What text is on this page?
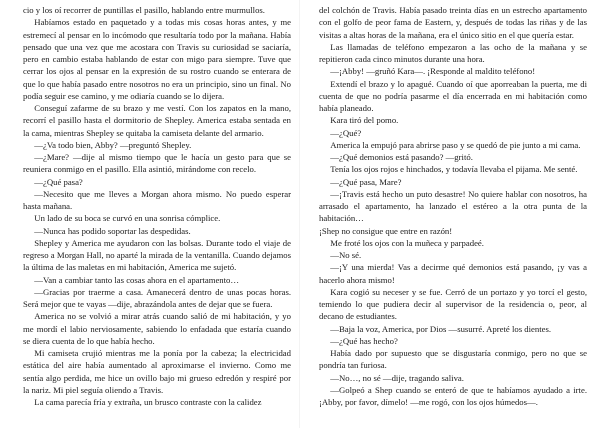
cio y los oí recorrer de puntillas el pasillo, hablando entre murmullos.

Habíamos estado en paquetado y a todas mis cosas horas antes, y me estremecí al pensar en lo incómodo que resultaría todo por la mañana. Había pensado que una vez que me acostara con Travis su curiosidad se saciaría, pero en cambio estaba hablando de estar con migo para siempre. Tuve que cerrar los ojos al pensar en la expresión de su rostro cuando se enterara de que lo que había pasado entre nosotros no era un principio, sino un final. No podía seguir ese camino, y me odiaría cuando se lo dijera.

Conseguí zafarme de su brazo y me vestí. Con los zapatos en la mano, recorrí el pasillo hasta el dormitorio de Shepley. America estaba sentada en la cama, mientras Shepley se quitaba la camiseta delante del armario.

—¿Va todo bien, Abby? —preguntó Shepley.

—¿Mare? —dije al mismo tiempo que le hacía un gesto para que se reuniera conmigo en el pasillo. Ella asintió, mirándome con recelo.

—¿Qué pasa?

—Necesito que me lleves a Morgan ahora mismo. No puedo esperar hasta mañana.

Un lado de su boca se curvó en una sonrisa cómplice.

—Nunca has podido soportar las despedidas.

Shepley y America me ayudaron con las bolsas. Durante todo el viaje de regreso a Morgan Hall, no aparté la mirada de la ventanilla. Cuando dejamos la última de las maletas en mi habitación, America me sujetó.

—Van a cambiar tanto las cosas ahora en el apartamento…

—Gracias por traerme a casa. Amanecerá dentro de unas pocas horas. Será mejor que te vayas —dije, abrazándola antes de dejar que se fuera.

America no se volvió a mirar atrás cuando salió de mi habitación, y yo me mordí el labio nerviosamente, sabiendo lo enfadada que estaría cuando se diera cuenta de lo que había hecho.

Mi camiseta crujió mientras me la ponía por la cabeza; la electricidad estática del aire había aumentado al aproximarse el invierno. Como me sentía algo perdida, me hice un ovillo bajo mi grueso edredón y respiré por la nariz. Mi piel seguía oliendo a Travis.

La cama parecía fría y extraña, un brusco contraste con la calidez

del colchón de Travis. Había pasado treinta días en un estrecho apartamento con el golfo de peor fama de Eastern, y, después de todas las riñas y de las visitas a altas horas de la mañana, era el único sitio en el que quería estar.

Las llamadas de teléfono empezaron a las ocho de la mañana y se repitieron cada cinco minutos durante una hora.

—¡Abby! —gruñó Kara—. ¡Responde al maldito teléfono!

Extendí el brazo y lo apagué. Cuando oí que aporreaban la puerta, me di cuenta de que no podría pasarme el día encerrada en mi habitación como había planeado.

Kara tiró del pomo.

—¿Qué?

America la empujó para abrirse paso y se quedó de pie junto a mi cama.

—¿Qué demonios está pasando? —gritó.

Tenía los ojos rojos e hinchados, y todavía llevaba el pijama. Me senté.

—¿Qué pasa, Mare?

—¡Travis está hecho un puto desastre! No quiere hablar con nosotros, ha arrasado el apartamento, ha lanzado el estéreo a la otra punta de la habitación…

¡Shep no consigue que entre en razón!

Me froté los ojos con la muñeca y parpadeé.

—No sé.

—¡Y una mierda! Vas a decirme qué demonios está pasando, ¡y vas a hacerlo ahora mismo!

Kara cogió su neceser y se fue. Cerró de un portazo y yo torcí el gesto, temiendo lo que pudiera decir al supervisor de la residencia o, peor, al decano de estudiantes.

—Baja la voz, America, por Dios —susurré. Apreté los dientes.

—¿Qué has hecho?

Había dado por supuesto que se disgustaría conmigo, pero no que se pondría tan furiosa.

—No…, no sé —dije, tragando saliva.

—Golpeó a Shep cuando se enteró de que te habíamos ayudado a irte. ¡Abby, por favor, dímelo! —me rogó, con los ojos húmedos—.
